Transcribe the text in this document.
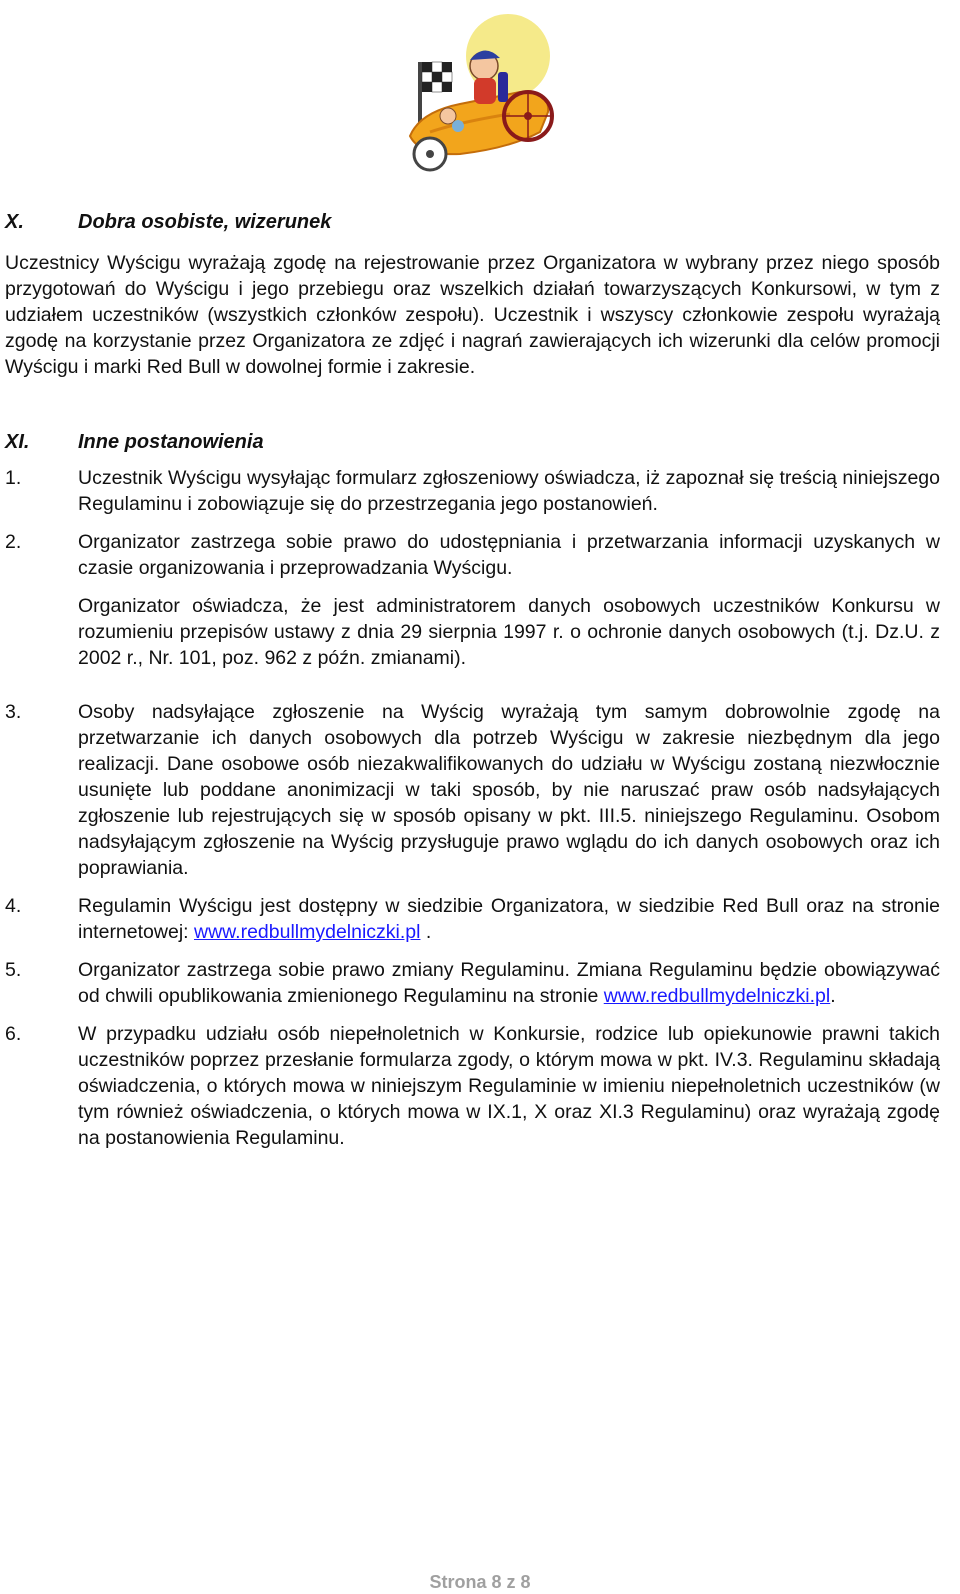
X.	Dobra osobiste, wizerunek

Uczestnicy Wyścigu wyrażają zgodę na rejestrowanie przez Organizatora w wybrany przez niego sposób przygotowań do Wyścigu i jego przebiegu oraz wszelkich działań towarzyszących Konkursowi, w tym z udziałem uczestników (wszystkich członków zespołu). Uczestnik i wszyscy członkowie zespołu wyrażają zgodę na korzystanie przez Organizatora ze zdjęć i nagrań zawierających ich wizerunki dla celów promocji Wyścigu i marki Red Bull w dowolnej formie i zakresie.

XI.	Inne postanowienia
1.	Uczestnik Wyścigu wysyłając formularz zgłoszeniowy oświadcza, iż zapoznał się treścią niniejszego Regulaminu i zobowiązuje się do przestrzegania jego postanowień.
2.	Organizator zastrzega sobie prawo do udostępniania i przetwarzania informacji uzyskanych w czasie organizowania i przeprowadzania Wyścigu.

Organizator oświadcza, że jest administratorem danych osobowych uczestników Konkursu w rozumieniu przepisów ustawy z dnia 29 sierpnia 1997 r. o ochronie danych osobowych (t.j. Dz.U. z 2002 r., Nr. 101, poz. 962 z późn. zmianami).

3.	Osoby nadsyłające zgłoszenie na Wyścig wyrażają tym samym dobrowolnie zgodę na przetwarzanie ich danych osobowych dla potrzeb Wyścigu w zakresie niezbędnym dla jego realizacji. Dane osobowe osób niezakwalifikowanych do udziału w Wyścigu zostaną niezwłocznie usunięte lub poddane anonimizacji w taki sposób, by nie naruszać praw osób nadsyłających zgłoszenie lub rejestrujących się w sposób opisany w pkt. III.5. niniejszego Regulaminu. Osobom nadsyłającym zgłoszenie na Wyścig przysługuje prawo wglądu do ich danych osobowych oraz ich poprawiania.
4.	Regulamin Wyścigu jest dostępny w siedzibie Organizatora, w siedzibie Red Bull oraz na stronie internetowej: www.redbullmydelniczki.pl .
5.	Organizator zastrzega sobie prawo zmiany Regulaminu. Zmiana Regulaminu będzie obowiązywać od chwili opublikowania zmienionego Regulaminu na stronie www.redbullmydelniczki.pl.
6.	W przypadku udziału osób niepełnoletnich w Konkursie, rodzice lub opiekunowie prawni takich uczestników poprzez przesłanie formularza zgody, o którym mowa w pkt. IV.3. Regulaminu składają oświadczenia, o których mowa w niniejszym Regulaminie w imieniu niepełnoletnich uczestników (w tym również oświadczenia, o których mowa w IX.1, X oraz XI.3 Regulaminu) oraz wyrażają zgodę na postanowienia Regulaminu.
Strona 8 z 8
